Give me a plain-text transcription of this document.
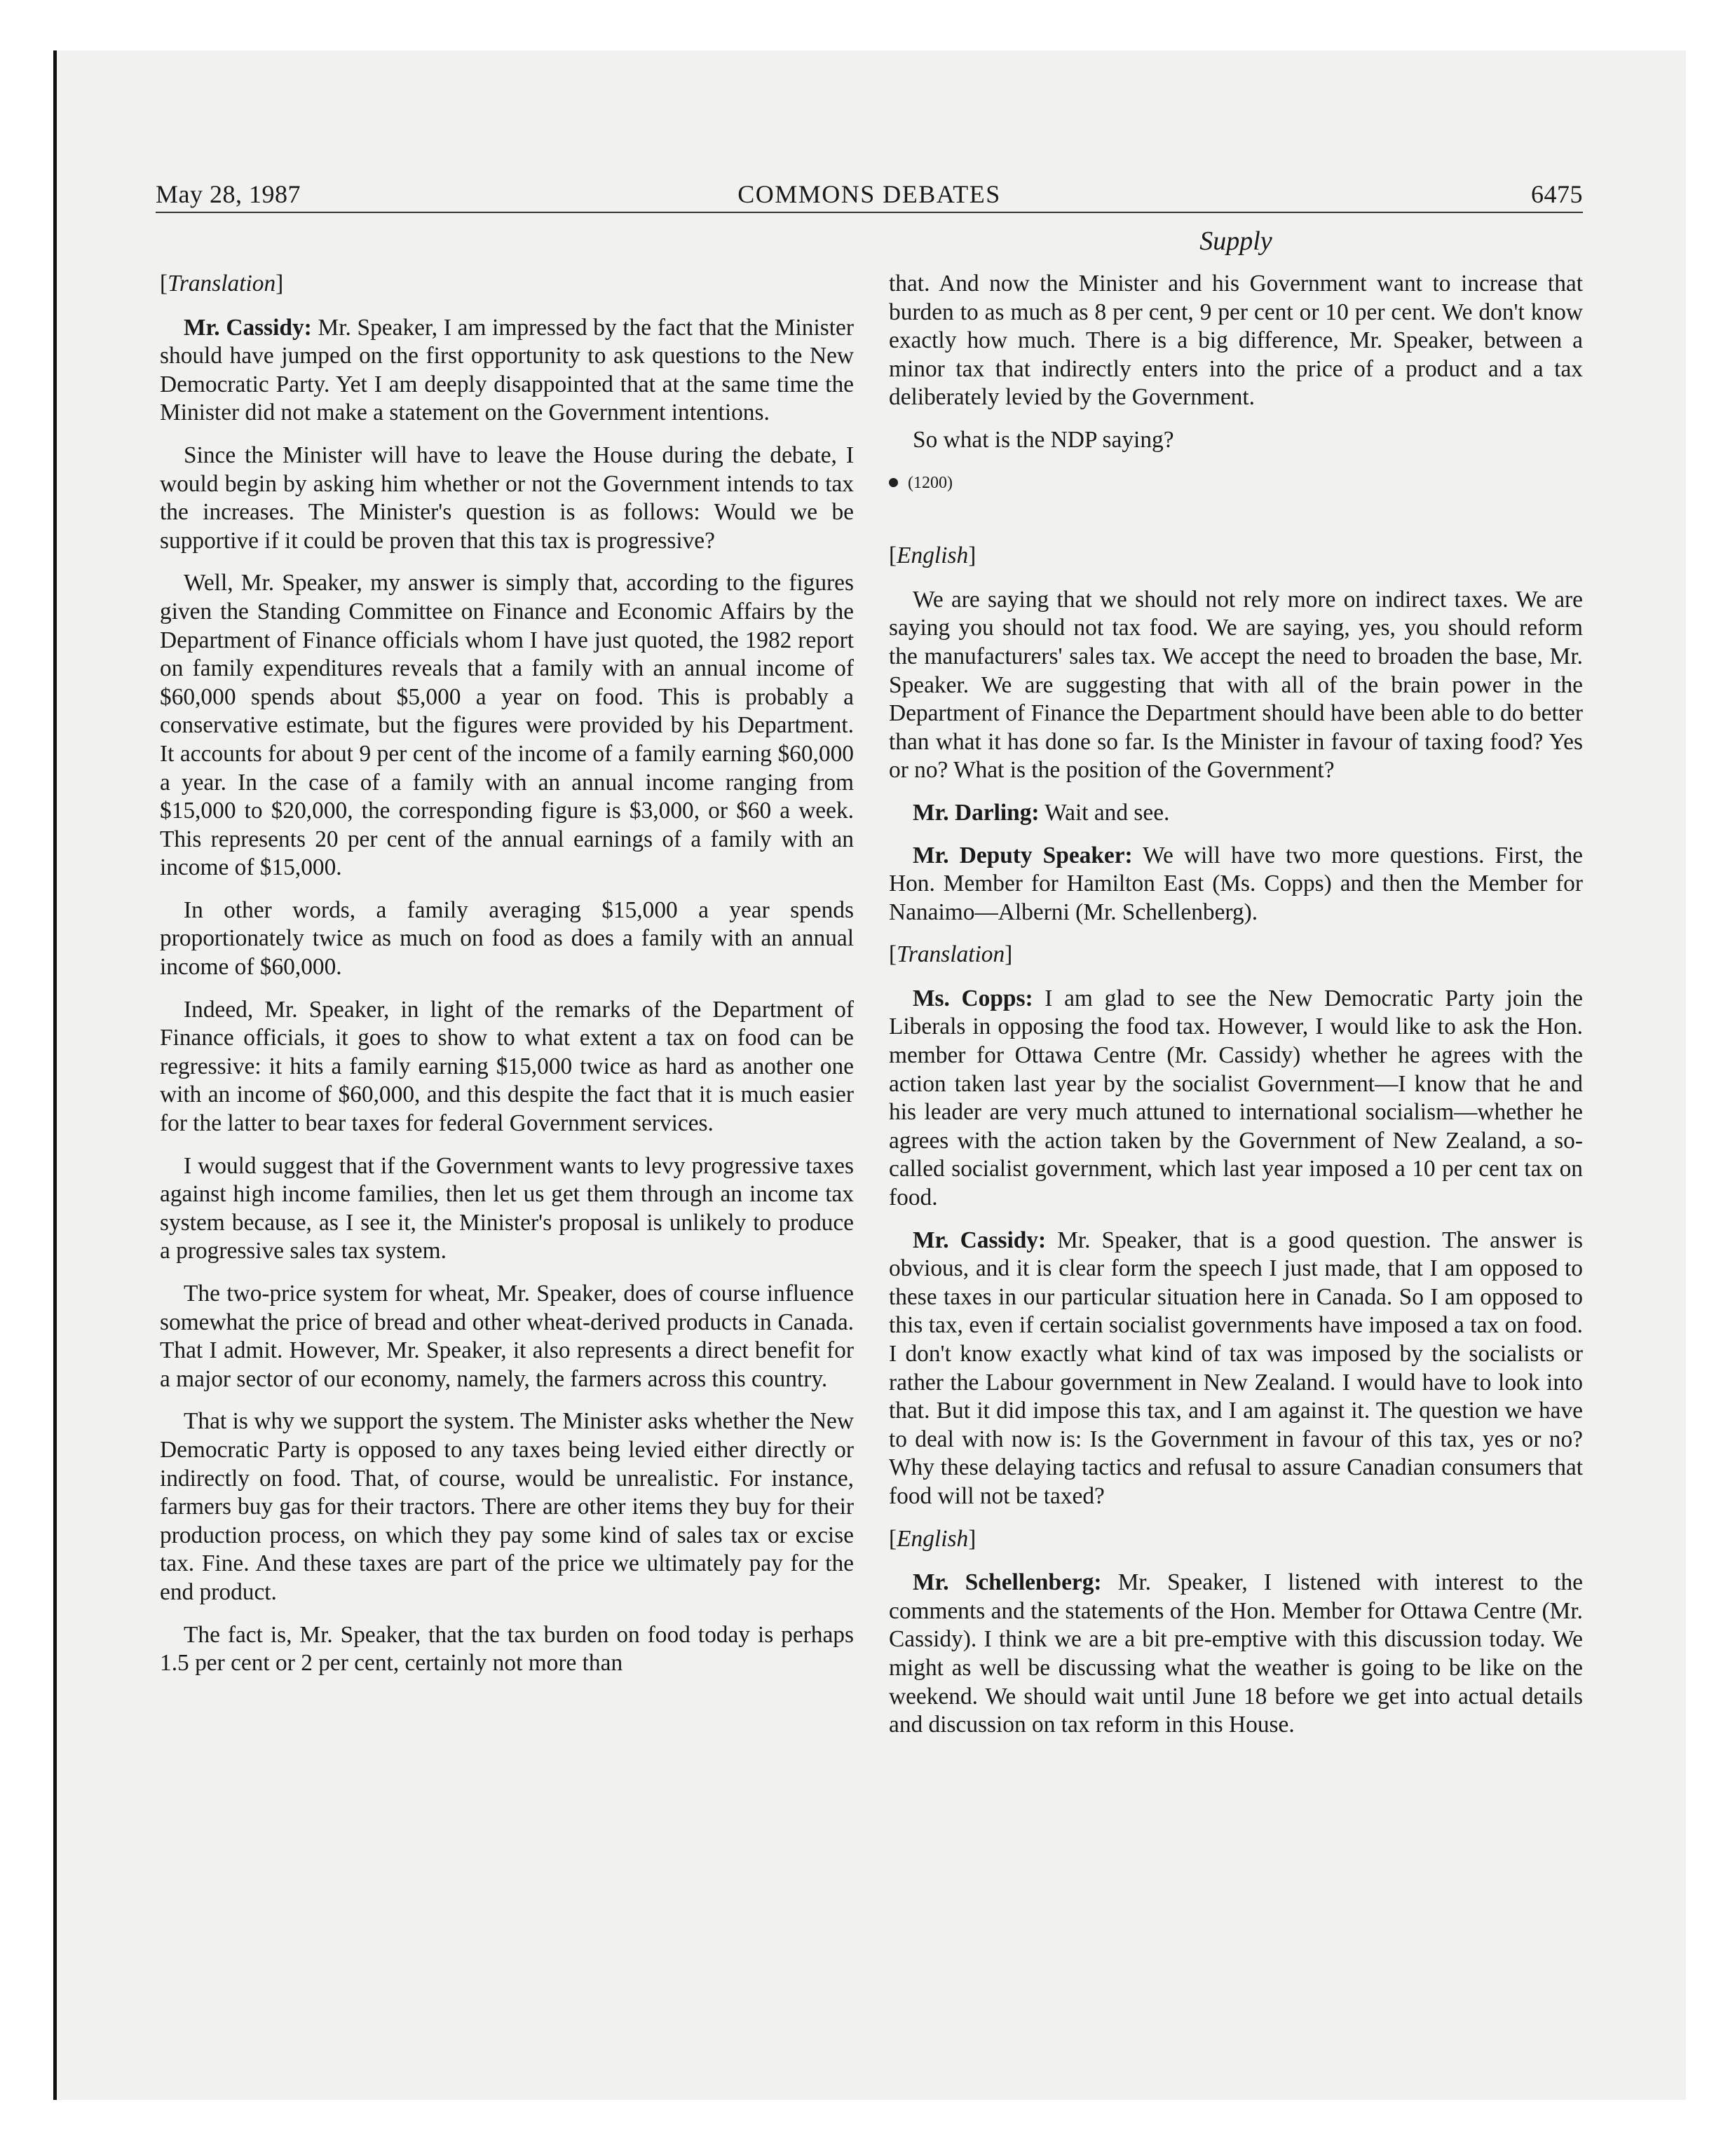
May 28, 1987	COMMONS DEBATES	6475
Supply
[Translation]

Mr. Cassidy: Mr. Speaker, I am impressed by the fact that the Minister should have jumped on the first opportunity to ask questions to the New Democratic Party. Yet I am deeply disappointed that at the same time the Minister did not make a statement on the Government intentions.

Since the Minister will have to leave the House during the debate, I would begin by asking him whether or not the Government intends to tax the increases. The Minister's question is as follows: Would we be supportive if it could be proven that this tax is progressive?

Well, Mr. Speaker, my answer is simply that, according to the figures given the Standing Committee on Finance and Economic Affairs by the Department of Finance officials whom I have just quoted, the 1982 report on family expenditures reveals that a family with an annual income of $60,000 spends about $5,000 a year on food. This is probably a conservative estimate, but the figures were provided by his Department. It accounts for about 9 per cent of the income of a family earning $60,000 a year. In the case of a family with an annual income ranging from $15,000 to $20,000, the corresponding figure is $3,000, or $60 a week. This represents 20 per cent of the annual earnings of a family with an income of $15,000.

In other words, a family averaging $15,000 a year spends proportionately twice as much on food as does a family with an annual income of $60,000.

Indeed, Mr. Speaker, in light of the remarks of the Department of Finance officials, it goes to show to what extent a tax on food can be regressive: it hits a family earning $15,000 twice as hard as another one with an income of $60,000, and this despite the fact that it is much easier for the latter to bear taxes for federal Government services.

I would suggest that if the Government wants to levy progressive taxes against high income families, then let us get them through an income tax system because, as I see it, the Minister's proposal is unlikely to produce a progressive sales tax system.

The two-price system for wheat, Mr. Speaker, does of course influence somewhat the price of bread and other wheat-derived products in Canada. That I admit. However, Mr. Speaker, it also represents a direct benefit for a major sector of our economy, namely, the farmers across this country.

That is why we support the system. The Minister asks whether the New Democratic Party is opposed to any taxes being levied either directly or indirectly on food. That, of course, would be unrealistic. For instance, farmers buy gas for their tractors. There are other items they buy for their production process, on which they pay some kind of sales tax or excise tax. Fine. And these taxes are part of the price we ultimately pay for the end product.

The fact is, Mr. Speaker, that the tax burden on food today is perhaps 1.5 per cent or 2 per cent, certainly not more than

that. And now the Minister and his Government want to increase that burden to as much as 8 per cent, 9 per cent or 10 per cent. We don't know exactly how much. There is a big difference, Mr. Speaker, between a minor tax that indirectly enters into the price of a product and a tax deliberately levied by the Government.

So what is the NDP saying?

(1200)
[English]

We are saying that we should not rely more on indirect taxes. We are saying you should not tax food. We are saying, yes, you should reform the manufacturers' sales tax. We accept the need to broaden the base, Mr. Speaker. We are suggesting that with all of the brain power in the Department of Finance the Department should have been able to do better than what it has done so far. Is the Minister in favour of taxing food? Yes or no? What is the position of the Government?

Mr. Darling: Wait and see.

Mr. Deputy Speaker: We will have two more questions. First, the Hon. Member for Hamilton East (Ms. Copps) and then the Member for Nanaimo—Alberni (Mr. Schellenberg).

[Translation]

Ms. Copps: I am glad to see the New Democratic Party join the Liberals in opposing the food tax. However, I would like to ask the Hon. member for Ottawa Centre (Mr. Cassidy) whether he agrees with the action taken last year by the socialist Government—I know that he and his leader are very much attuned to international socialism—whether he agrees with the action taken by the Government of New Zealand, a so-called socialist government, which last year imposed a 10 per cent tax on food.

Mr. Cassidy: Mr. Speaker, that is a good question. The answer is obvious, and it is clear form the speech I just made, that I am opposed to these taxes in our particular situation here in Canada. So I am opposed to this tax, even if certain socialist governments have imposed a tax on food. I don't know exactly what kind of tax was imposed by the socialists or rather the Labour government in New Zealand. I would have to look into that. But it did impose this tax, and I am against it. The question we have to deal with now is: Is the Government in favour of this tax, yes or no? Why these delaying tactics and refusal to assure Canadian consumers that food will not be taxed?

[English]

Mr. Schellenberg: Mr. Speaker, I listened with interest to the comments and the statements of the Hon. Member for Ottawa Centre (Mr. Cassidy). I think we are a bit pre-emptive with this discussion today. We might as well be discussing what the weather is going to be like on the weekend. We should wait until June 18 before we get into actual details and discussion on tax reform in this House.
